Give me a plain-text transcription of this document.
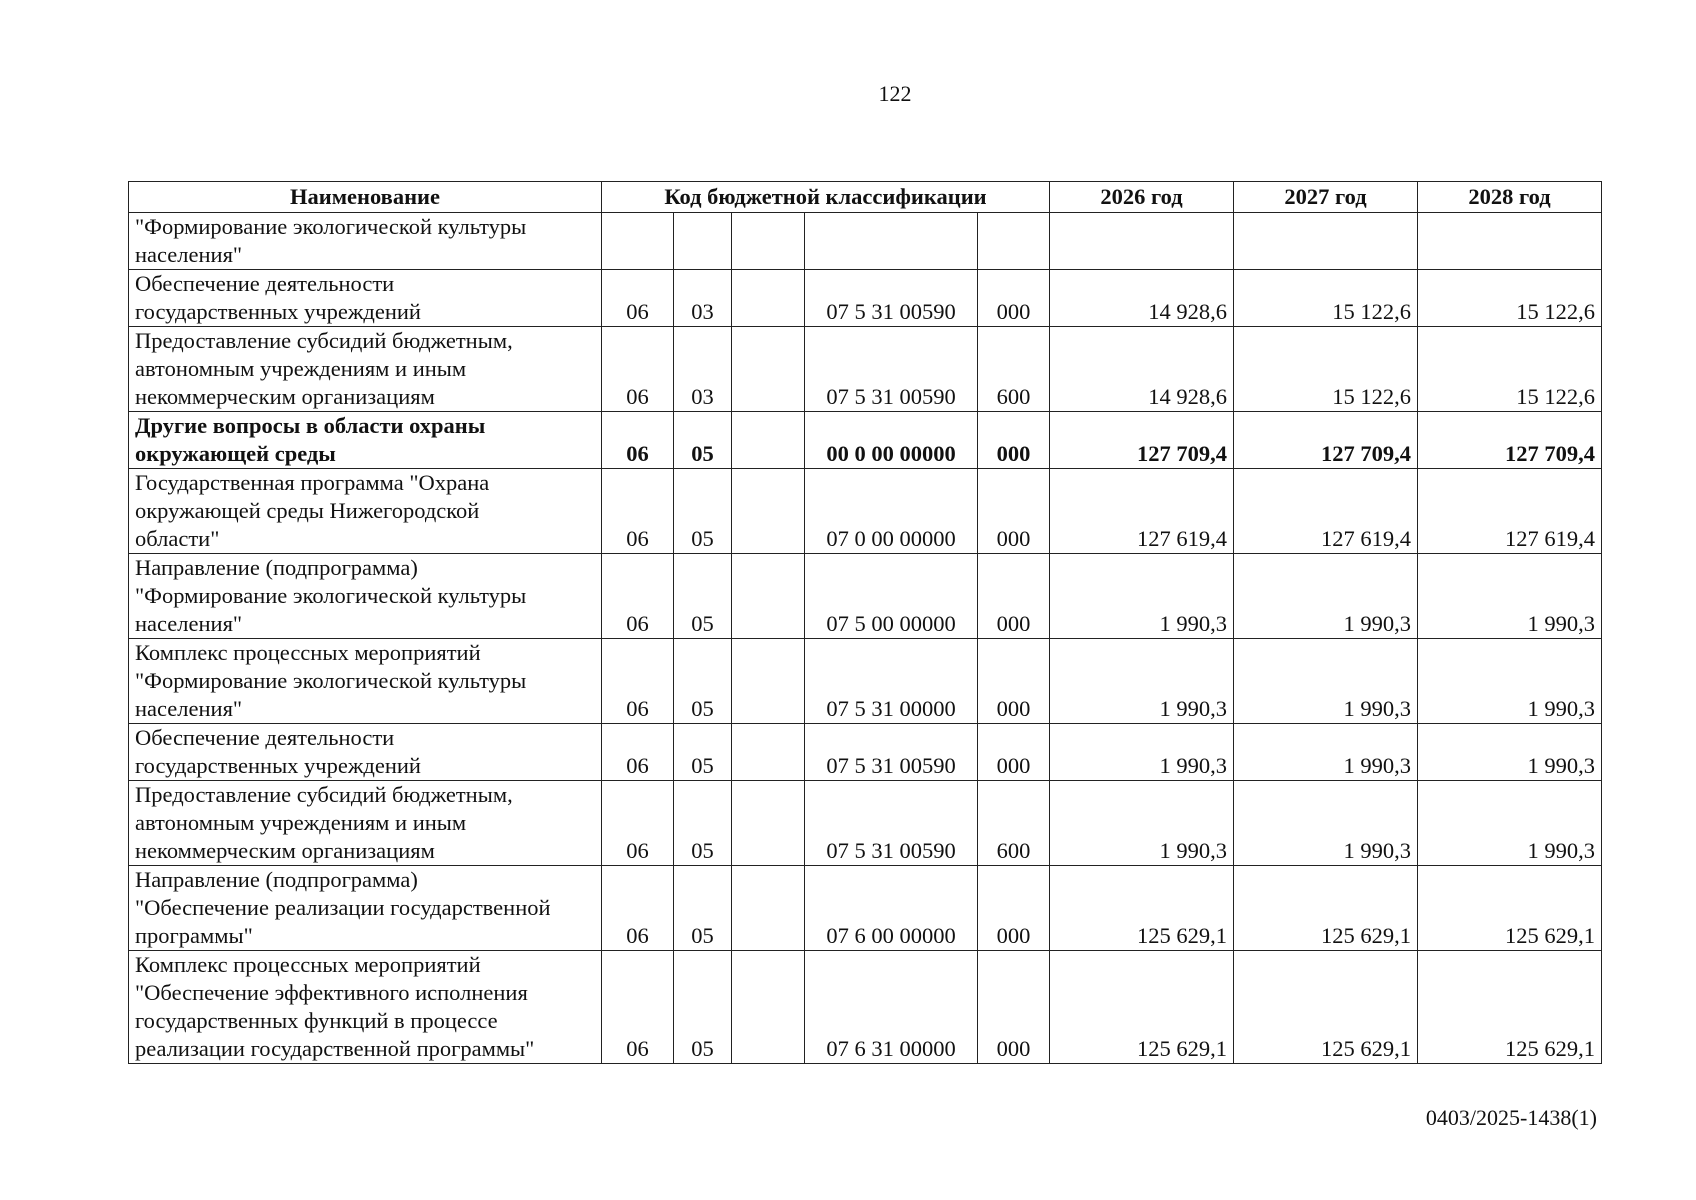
122
Наименование	Код бюджетной классификации					2026 год	2027 год	2028 год

"Формирование экологической культуры
населения"								

Обеспечение деятельности
государственных учреждений	06	03		07 5 31 00590	000	14 928,6	15 122,6	15 122,6

Предоставление субсидий бюджетным,
автономным учреждениям и иным
некоммерческим организациям	06	03		07 5 31 00590	600	14 928,6	15 122,6	15 122,6

Другие вопросы в области охраны
окружающей среды	06	05		00 0 00 00000	000	127 709,4	127 709,4	127 709,4

Государственная программа "Охрана
окружающей среды Нижегородской
области"	06	05		07 0 00 00000	000	127 619,4	127 619,4	127 619,4

Направление (подпрограмма)
"Формирование экологической культуры
населения"	06	05		07 5 00 00000	000	1 990,3	1 990,3	1 990,3

Комплекс процессных мероприятий
"Формирование экологической культуры
населения"	06	05		07 5 31 00000	000	1 990,3	1 990,3	1 990,3

Обеспечение деятельности
государственных учреждений	06	05		07 5 31 00590	000	1 990,3	1 990,3	1 990,3

Предоставление субсидий бюджетным,
автономным учреждениям и иным
некоммерческим организациям	06	05		07 5 31 00590	600	1 990,3	1 990,3	1 990,3

Направление (подпрограмма)
"Обеспечение реализации государственной
программы"	06	05		07 6 00 00000	000	125 629,1	125 629,1	125 629,1

Комплекс процессных мероприятий
"Обеспечение эффективного исполнения
государственных функций в процессе
реализации государственной программы"	06	05		07 6 31 00000	000	125 629,1	125 629,1	125 629,1
0403/2025-1438(1)
